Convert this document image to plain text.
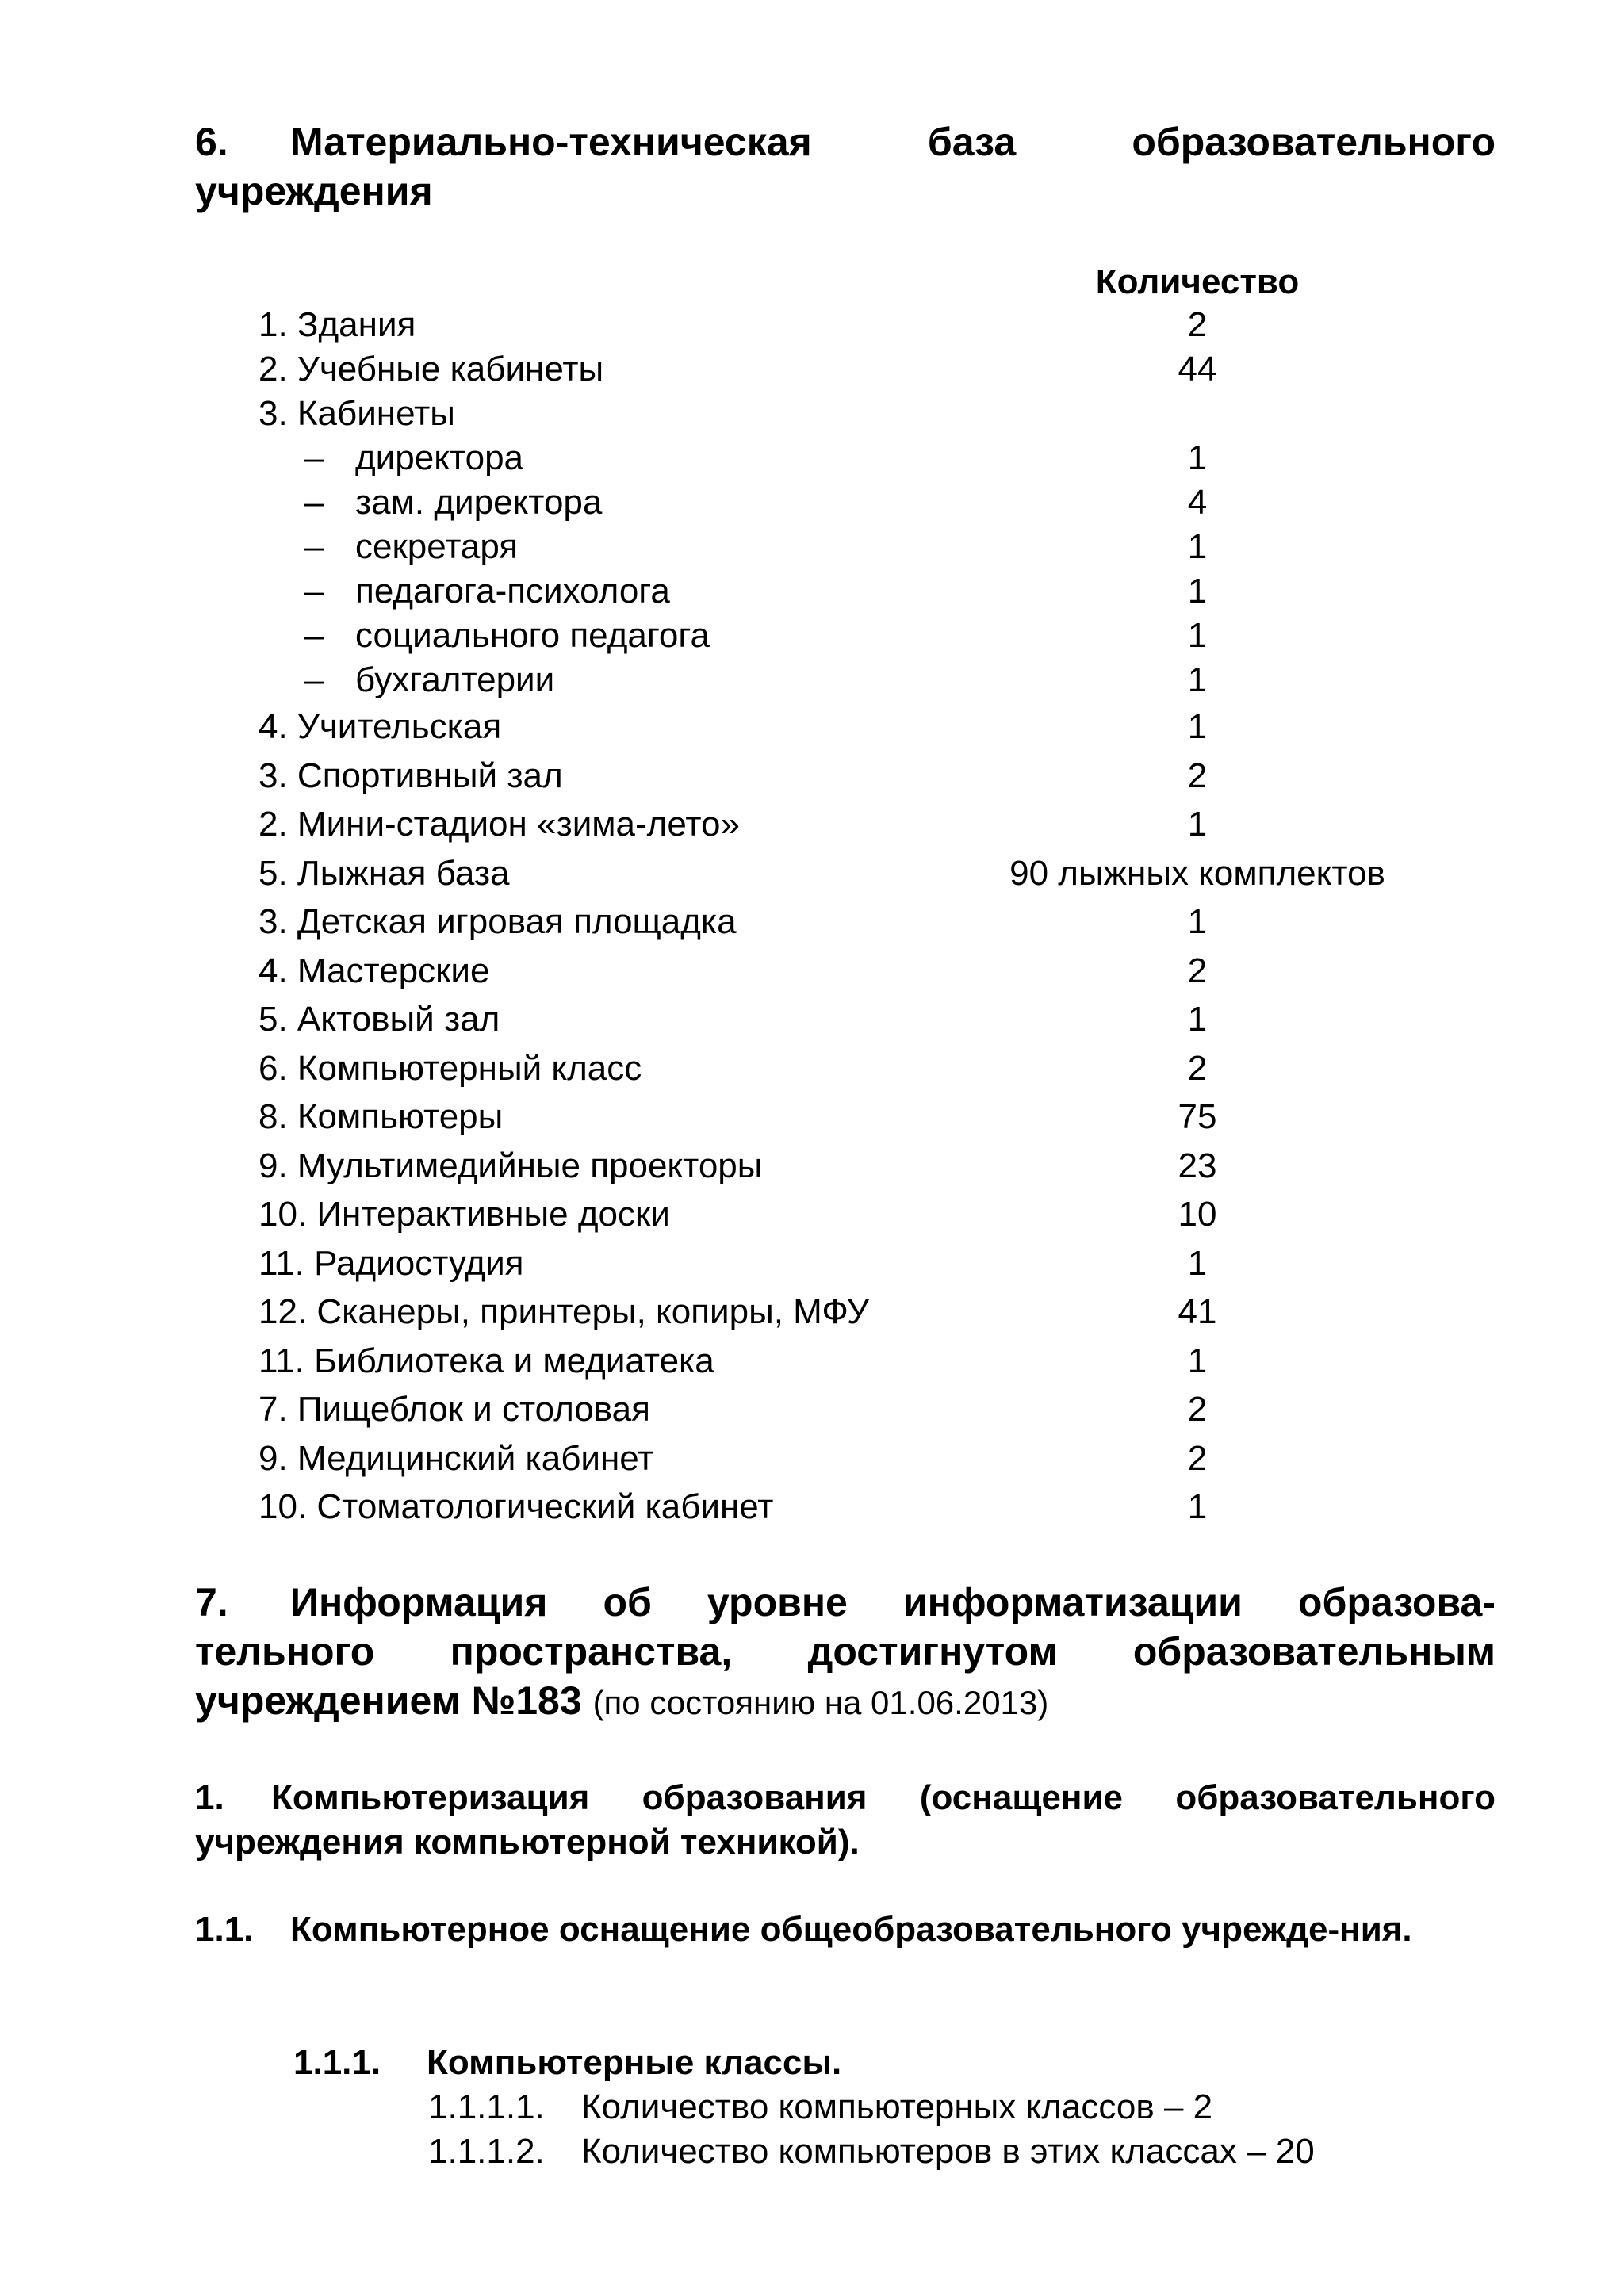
6. Материально-техническая база образовательного учреждения

Количество
1. Здания	2
2. Учебные кабинеты	44
3. Кабинеты
– директора	1
– зам. директора	4
– секретаря	1
– педагога-психолога	1
– социального педагога	1
– бухгалтерии	1
4. Учительская	1
3. Спортивный зал	2
2. Мини-стадион «зима-лето»	1
5. Лыжная база	90 лыжных комплектов
3. Детская игровая площадка	1
4. Мастерские	2
5. Актовый зал	1
6. Компьютерный класс	2
8. Компьютеры	75
9. Мультимедийные проекторы	23
10. Интерактивные доски	10
11. Радиостудия	1
12. Сканеры, принтеры, копиры, МФУ	41
11. Библиотека и медиатека	1
7. Пищеблок и столовая	2
9. Медицинский кабинет	2
10. Стоматологический кабинет	1

7. Информация об уровне информатизации образова-тельного пространства, достигнутом образовательным учреждением №183 (по состоянию на 01.06.2013)

1. Компьютеризация образования (оснащение образовательного учреждения компьютерной техникой).

1.1. Компьютерное оснащение общеобразовательного учрежде-ния.

1.1.1. Компьютерные классы.
1.1.1.1. Количество компьютерных классов – 2
1.1.1.2. Количество компьютеров в этих классах – 20
